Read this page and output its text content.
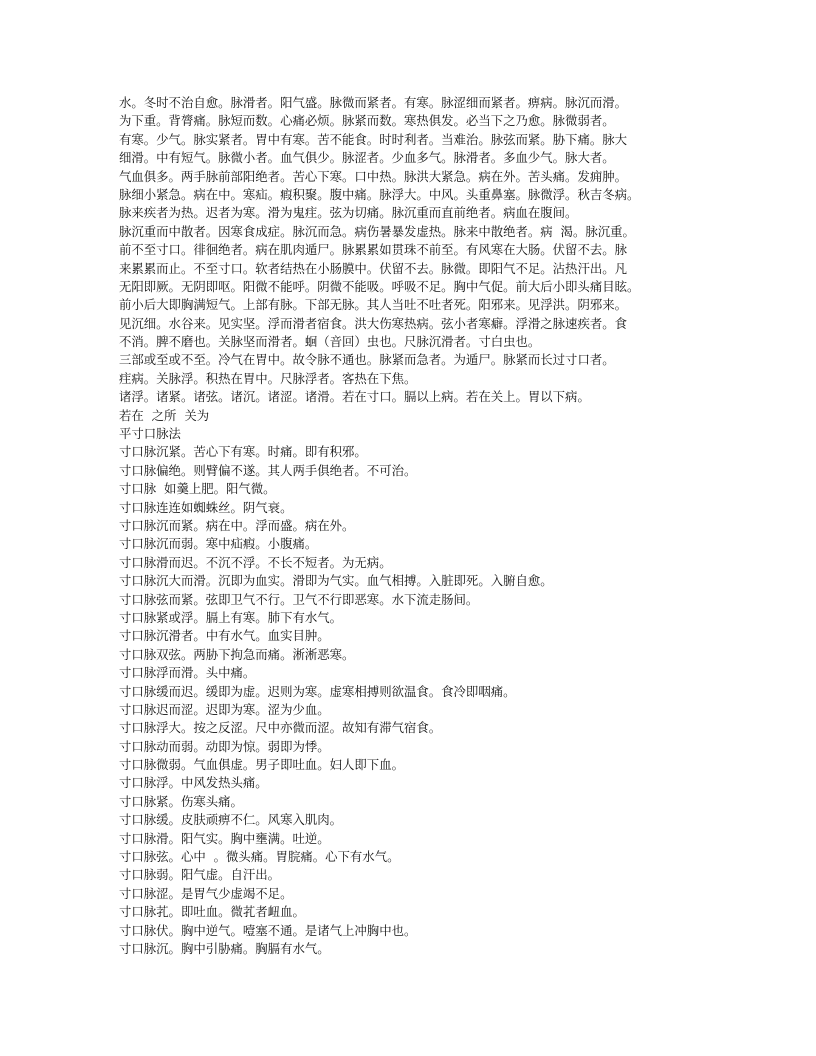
水。冬时不治自愈。脉滑者。阳气盛。脉微而紧者。有寒。脉涩细而紧者。痹病。脉沉而滑。
为下重。背膂痛。脉短而数。心痛必烦。脉紧而数。寒热俱发。必当下之乃愈。脉微弱者。
有寒。少气。脉实紧者。胃中有寒。苦不能食。时时利者。当难治。脉弦而紧。胁下痛。脉大
细滑。中有短气。脉微小者。血气俱少。脉涩者。少血多气。脉滑者。多血少气。脉大者。
气血俱多。两手脉前部阳绝者。苦心下寒。口中热。脉洪大紧急。病在外。苦头痛。发痈肿。
脉细小紧急。病在中。寒疝。瘕积聚。腹中痛。脉浮大。中风。头重鼻塞。脉微浮。秋吉冬病。
脉来疾者为热。迟者为寒。滑为鬼疰。弦为切痛。脉沉重而直前绝者。病血在腹间。
脉沉重而中散者。因寒食成症。脉沉而急。病伤暑暴发虚热。脉来中散绝者。病  渴。脉沉重。
前不至寸口。徘徊绝者。病在肌肉遁尸。脉累累如贯珠不前至。有风寒在大肠。伏留不去。脉
来累累而止。不至寸口。软者结热在小肠膜中。伏留不去。脉微。即阳气不足。沾热汗出。凡
无阳即厥。无阴即呕。阳微不能呼。阴微不能吸。呼吸不足。胸中气促。前大后小即头痛目眩。
前小后大即胸满短气。上部有脉。下部无脉。其人当吐不吐者死。阳邪来。见浮洪。阴邪来。
见沉细。水谷来。见实坚。浮而滑者宿食。洪大伤寒热病。弦小者寒癖。浮滑之脉速疾者。食
不消。脾不磨也。关脉坚而滑者。蛔（音回）虫也。尺脉沉滑者。寸白虫也。
三部或至或不至。冷气在胃中。故令脉不通也。脉紧而急者。为遁尸。脉紧而长过寸口者。
疰病。关脉浮。积热在胃中。尺脉浮者。客热在下焦。
诸浮。诸紧。诸弦。诸沉。诸涩。诸滑。若在寸口。膈以上病。若在关上。胃以下病。
若在  之所  关为
平寸口脉法
寸口脉沉紧。苦心下有寒。时痛。即有积邪。
寸口脉偏绝。则臂偏不遂。其人两手俱绝者。不可治。
寸口脉  如羹上肥。阳气微。
寸口脉连连如蜘蛛丝。阴气衰。
寸口脉沉而紧。病在中。浮而盛。病在外。
寸口脉沉而弱。寒中疝瘕。小腹痛。
寸口脉滑而迟。不沉不浮。不长不短者。为无病。
寸口脉沉大而滑。沉即为血实。滑即为气实。血气相搏。入脏即死。入腑自愈。
寸口脉弦而紧。弦即卫气不行。卫气不行即恶寒。水下流走肠间。
寸口脉紧或浮。膈上有寒。肺下有水气。
寸口脉沉滑者。中有水气。血实目肿。
寸口脉双弦。两胁下拘急而痛。淅淅恶寒。
寸口脉浮而滑。头中痛。
寸口脉缓而迟。缓即为虚。迟则为寒。虚寒相搏则欲温食。食冷即咽痛。
寸口脉迟而涩。迟即为寒。涩为少血。
寸口脉浮大。按之反涩。尺中亦微而涩。故知有滞气宿食。
寸口脉动而弱。动即为惊。弱即为悸。
寸口脉微弱。气血俱虚。男子即吐血。妇人即下血。
寸口脉浮。中风发热头痛。
寸口脉紧。伤寒头痛。
寸口脉缓。皮肤顽痹不仁。风寒入肌肉。
寸口脉滑。阳气实。胸中壅满。吐逆。
寸口脉弦。心中  。微头痛。胃脘痛。心下有水气。
寸口脉弱。阳气虚。自汗出。
寸口脉涩。是胃气少虚竭不足。
寸口脉芤。即吐血。微芤者衄血。
寸口脉伏。胸中逆气。噎塞不通。是诸气上冲胸中也。
寸口脉沉。胸中引胁痛。胸膈有水气。
